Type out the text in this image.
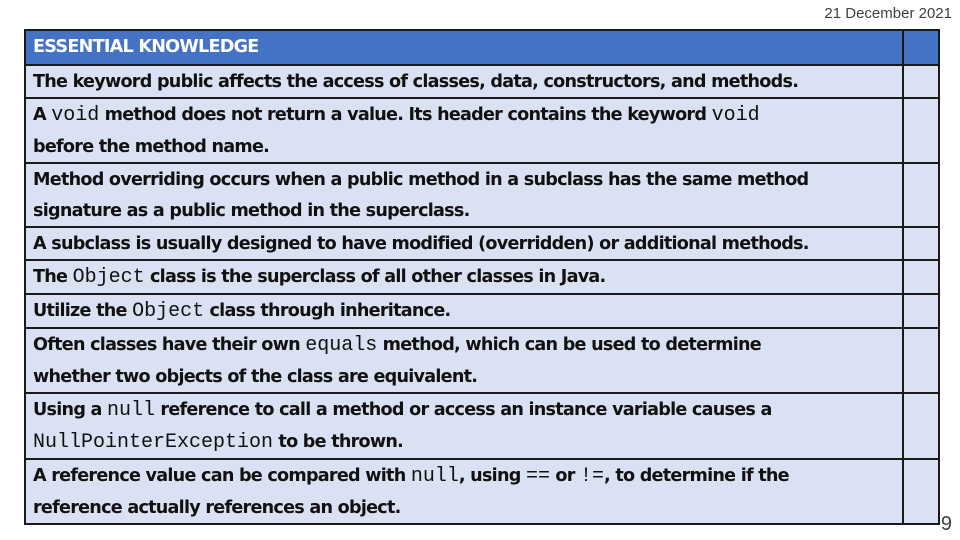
21 December 2021
ESSENTIAL KNOWLEDGE	

The keyword public affects the access of classes, data, constructors, and methods.	

A void method does not return a value. Its header contains the keyword void
before the method name.	

Method overriding occurs when a public method in a subclass has the same method
signature as a public method in the superclass.	

A subclass is usually designed to have modified (overridden) or additional methods.	

The Object class is the superclass of all other classes in Java.	

Utilize the Object class through inheritance.	

Often classes have their own equals method, which can be used to determine
whether two objects of the class are equivalent.	

Using a null reference to call a method or access an instance variable causes a
NullPointerException to be thrown.	

A reference value can be compared with null, using == or !=, to determine if the
reference actually references an object.	

9
